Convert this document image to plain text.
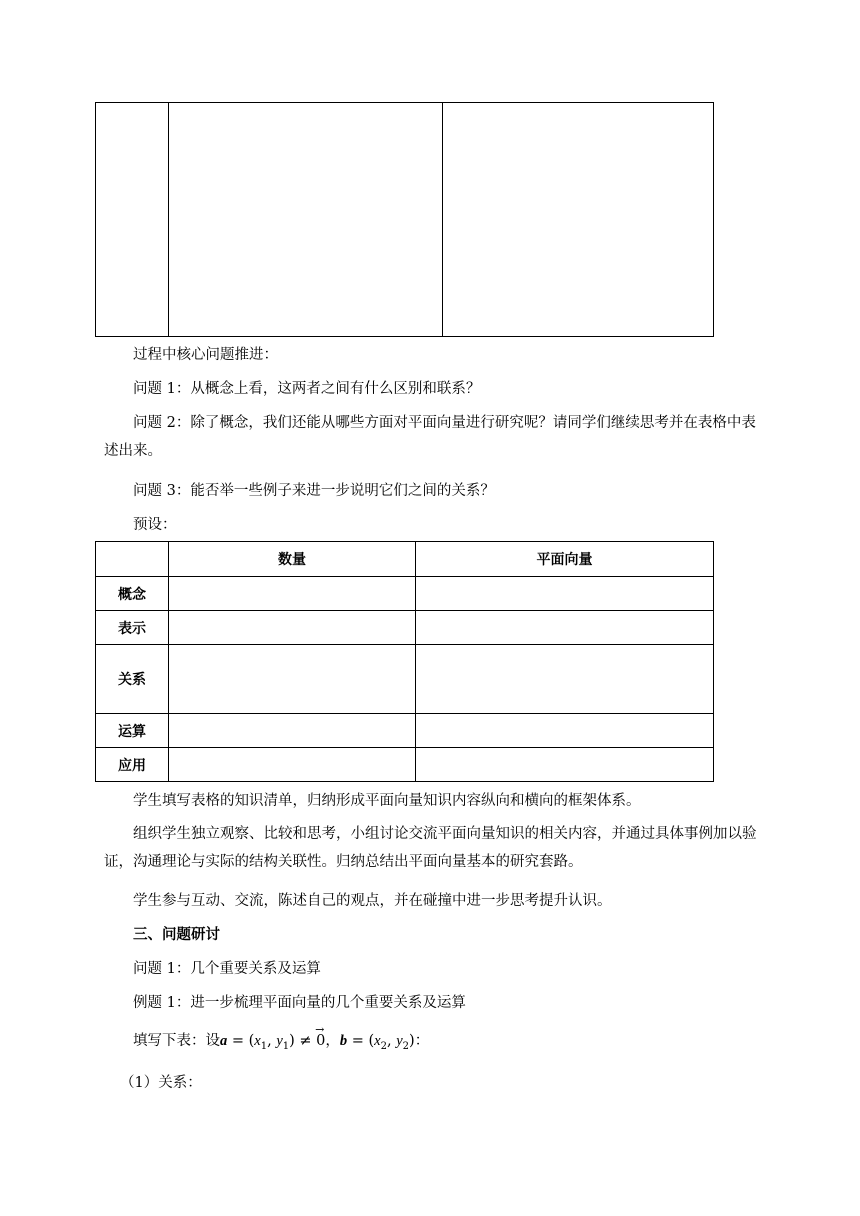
过程中核心问题推进：
问题 1：从概念上看，这两者之间有什么区别和联系？
问题 2：除了概念，我们还能从哪些方面对平面向量进行研究呢？请同学们继续思考并在表格中表述出来。
问题 3：能否举一些例子来进一步说明它们之间的关系？
预设：
	数量	平面向量
概念		
表示		
关系		
运算		
应用		
学生填写表格的知识清单，归纳形成平面向量知识内容纵向和横向的框架体系。
组织学生独立观察、比较和思考，小组讨论交流平面向量知识的相关内容，并通过具体事例加以验证，沟通理论与实际的结构关联性。归纳总结出平面向量基本的研究套路。
学生参与互动、交流，陈述自己的观点，并在碰撞中进一步思考提升认识。
三、问题研讨
问题 1：几个重要关系及运算
例题 1：进一步梳理平面向量的几个重要关系及运算
填写下表：设$a = (x_1$, $y_1$) ≠ → 0，$b = (x_2$, $y_2$)：
（1）关系：
